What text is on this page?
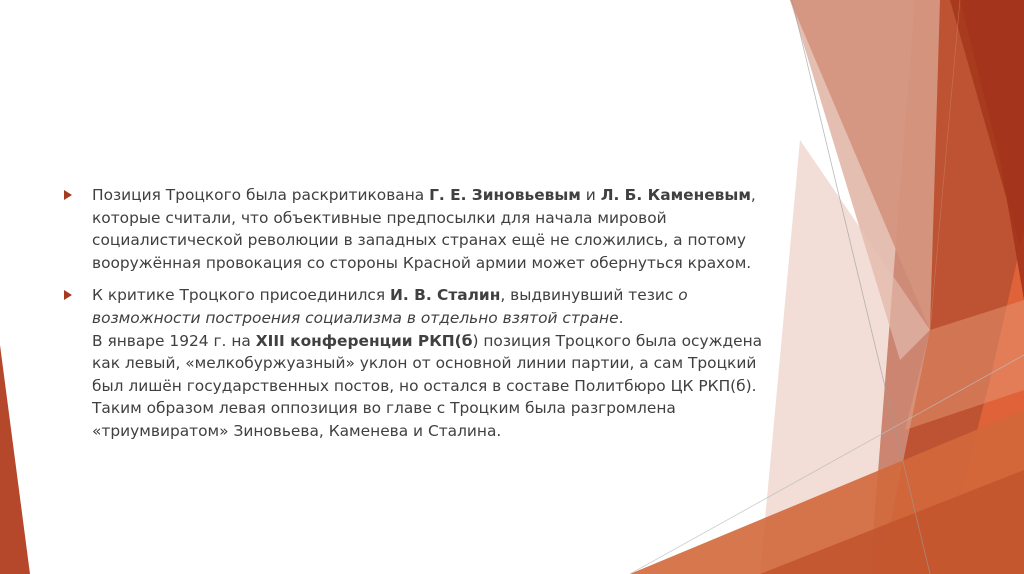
Позиция Троцкого была раскритикована Г. Е. Зиновьевым и Л. Б. Каменевым, которые считали, что объективные предпосылки для начала мировой социалистической революции в западных странах ещё не сложились, а потому вооружённая провокация со стороны Красной армии может обернуться крахом.
К критике Троцкого присоединился И. В. Сталин, выдвинувший тезис о возможности построения социализма в отдельно взятой стране.
В январе 1924 г. на XIII конференции РКП(б) позиция Троцкого была осуждена как левый, «мелкобуржуазный» уклон от основной линии партии, а сам Троцкий был лишён государственных постов, но остался в составе Политбюро ЦК РКП(б). Таким образом левая оппозиция во главе с Троцким была разгромлена «триумвиратом» Зиновьева, Каменева и Сталина.
